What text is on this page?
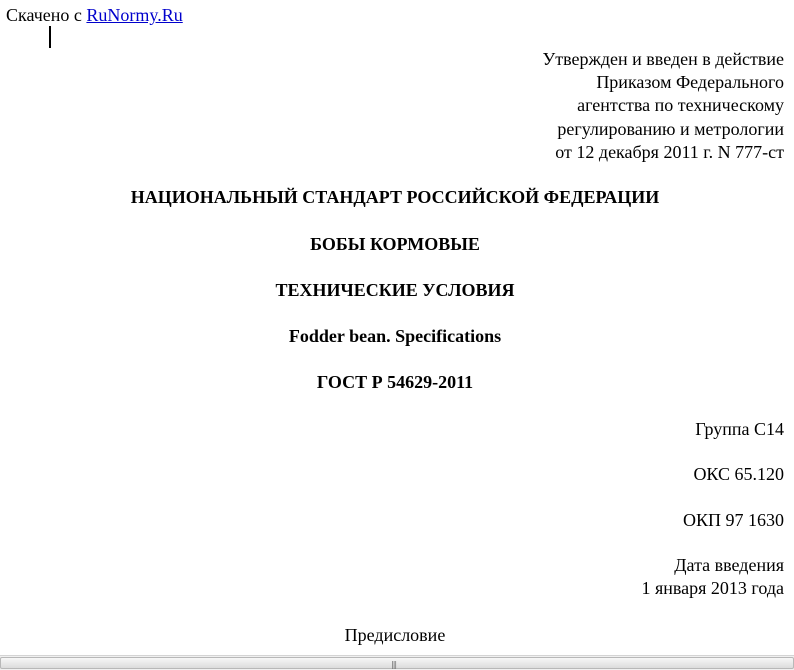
Скачено с RuNormy.Ru
Утвержден и введен в действие
Приказом Федерального
агентства по техническому
регулированию и метрологии
от 12 декабря 2011 г. N 777-ст
НАЦИОНАЛЬНЫЙ СТАНДАРТ РОССИЙСКОЙ ФЕДЕРАЦИИ
БОБЫ КОРМОВЫЕ
ТЕХНИЧЕСКИЕ УСЛОВИЯ
Fodder bean. Specifications
ГОСТ Р 54629-2011
Группа С14
ОКС 65.120
ОКП 97 1630
Дата введения
1 января 2013 года
Предисловие
|||
